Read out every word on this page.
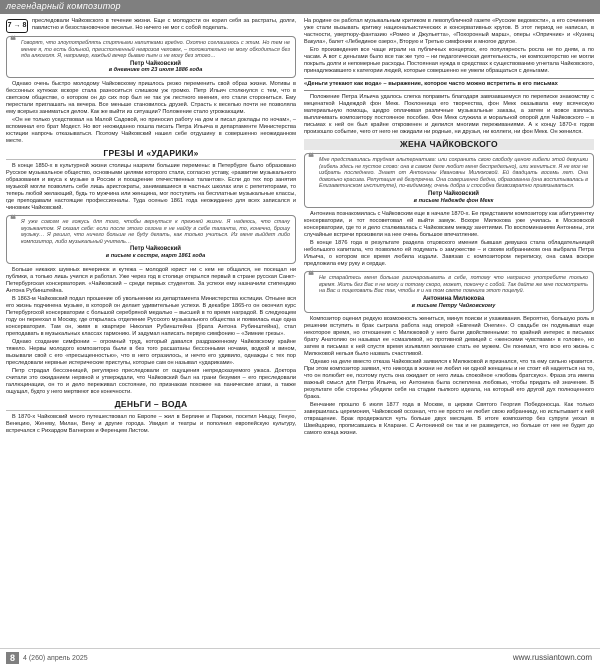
легендарный композитор
7 → 8

преследовали Чайковского в течение жизни. Еще с молодости он корил себя за растраты, долги, павлистно и безостановочное веселье. Но ничего не мог с собой поделать.

❝ Говорят, что злоупотреблять спиртными напитками вредно. Охотно соглашаюсь с этим. Но тем не менее я, то есть больной, преисполненный неврозов человек, – положительно не могу обходиться без яда алкоголя. Я, например, каждый вечер бываю пьян и не могу без этого…
Петр Чайковский
в дневнике от 23 июля 1886 года

Однако очень быстро молодому Чайковскому пришлось резко переменить свой образ жизни. Мотивы в бессонных кутежах вскоре стала разноситься слишком уж громко. Петр Ильич столкнулся с тем, что в светском обществе, о котором он до сих пор был не так уж лестного мнения, его стали сторониться. Ему перестали приглашать на вечера. Все меньше становилось друзей. Страсть к веселью почти не позволяла ему всерьез заниматься делом. Как же выйти из ситуации? Положение стало угрожающим.

«Он не только уседствовал на Малой Садовой, но приносил работу на дом и писал доклады по ночам», – вспоминал его брат Модест. Но вот неожиданно пошла писать Петра Ильича в департаменте Министерства юстиции напрочь отказываться. Поэтому Чайковский нашел себе отдушину в совершенно неожиданном месте.

ГРЕЗЫ И «УДАРИКИ»

В конце 1850-х в культурной жизни столицы назрели большие перемены: в Петербурге было образовано Русское музыкальное общество, основными целями которого стали, согласно уставу, «развитие музыкального образования и вкуса к музыке в России и поощрение отечественных талантов». Если до тех пор занятия музыкой могли позволить себе лишь аристократы, занимавшиеся в частных школах или с репетиторами, то теперь любой желающий, будь то мужчина или женщина, мог поступить на бесплатные музыкальные классы, где преподавали настоящие профессионалы. Туда осенью 1861 года неожиданно для всех записался и чиновник Чайковский.

❝ Я уже совсем не гожусь для того, чтобы вернуться к прежней жизни. Я надеюсь, что стану музыкантом. Я сказал себе: если после этого сезона я не найду в себе таланта, то, конечно, брошу музыку… Я решил, что ничего больше не буду делать, как только учиться. Из меня выйдет либо композитор, либо музыкальный учитель…
Петр Чайковский
в письме к сестре, март 1861 года

Больше никаких шумных вечеринок и кутежа – молодой юрист ни с кем не общался, не посещал ни публики, а только лишь учился и работал. Уже через год в столице открылся первый в стране русская Санкт-Петербургская консерватория. «Чайковский – среди первых студентов. За успехи ему назначили стипендию Антона Рубинштейна.

В 1863-м Чайковский подал прошение об увольнении из департамента Министерства юстиции. Отныне вся его жизнь подчинена музыке, в которой он делает удивительные успехи. В декабре 1865-го он окончил курс Петербургской консерватории с большой серебряной медалью – высшей в то время наградой. В следующем году он переехал в Москву, где открылась отделение Русского музыкального общества и появилась еще одна консерватория. Там он, живя в квартире Николая Рубинштейна (брата Антона Рубинштейна), стал преподавать в музыкальных классах гармонию. И задумал написать первую симфонию – «Зимние грезы».

Однако создание симфонии – огромный труд, который давался раздраженному Чайковскому крайне тяжело. Нервы молодого композитора были в без того расшатаны бессонными ночами, водкой и вином, вызывали свой с его «пресыщенностью», что в него отразилось, и нечто его удивило, однажды с тех пор преследовали нервные истерические приступы, которые сам он называл «удариками».

Петр страдал бессонницей, регулярно преследовали от ощущения непредсказуемого ужаса. Доктора считали это ожиданием нервной и утверждали, что Чайковский был на грани безумия – его преследовали галлюцинации, он то и дело переживал состояние, по признакам похожее на панические атаки, а также ощущал, будто у него мертвеют все конечности.

ДЕНЬГИ – ВОДА

В 1870-х Чайковский много путешествовал по Европе – жил в Берлине и Париже, посетил Ниццу, Геную, Венецию, Женеву, Милан, Вену и другие города. Увидел и театры и пополнил европейскую культуру, встречался с Рихардом Вагнером и Ференцем Листом.

На родине он работал музыкальным критиком в левопубличной газете «Русские ведомости», а его сочинения уже стали вызывать критику национальистических и консервативных кругов. В этот период не написал, в частности, увертюру-фантазию «Ромео и Джульетта», «Похоронный марш», оперы «Опричник» и «Кузнец Вакула», балет «Лебединое озеро», Вторую и Третью симфонии и многое другое.

Его произведения все чаще играли на публичных концертах, его популярность росла не по дням, а по часам. А вот с деньгами было все так же туго – ни педагогическая деятельность, ни композиторство не могли покрыть долги и непомерные расходы. Постоянная нужда в средствах к существованию угнетала Чайковского, принадлежавшего к категории людей, которые совершенно не умели обращаться с деньгами.

«Деньги утекают как вода» – выражение, которое часто можно встретить в его письмах

Положение Петра Ильича удалось слегка поправить благодаря завязавшемуся по переписке знакомству с меценаткой Надеждой фон Мекк. Поклонница его творчества, фон Мекк оказывала ему всяческую материальную помощь, щедро оплачивая различные музыкальные заказы, а затем и вовсе взялась выплачивать композитору постоянное пособие. Фон Мекк служила и моральной опорой для Чайковского – в письмах к ней он был крайне откровенен и делился многими переживаниями. А к концу 1870-х годов произошло событие, чего от него не ожидали ни родные, ни друзья, ни коллеги, ни фон Мекк. Он женился.

ЖЕНА ЧАЙКОВСКОГО
❝ Мне представилась трудная альтернатива: или сохранить свою свободу ценою гибели этой девушки (гибель здесь не пустое слово: она в самом деле любит меня беспредельно), или жениться. Я не мог не избрать последнего. Знает от Антонины Ивановны Милюковой. Ей двадцать восемь лет. Она довольно красива. Репутация её безупречна. Она совершенно бедна, образованна (она воспитывалась в Елизаветинском институте), по-видимому, очень добра и способна безвозвратно привязываться.
Петр Чайковский
в письме Надежде фон Мекк

Антонина познакомилась с Чайковским еще в начале 1870-х. Ее представили композитору как абитуриентку консерватории, и тот посоветовал ей выйти замуж. Вскоре Милюкова уже училась в Московской консерватории, где то и дело сталкивалась с Чайковским между занятиями. По воспоминаниям Антонины, эти случайные встречи произвели на нее очень большое впечатление.

В конце 1876 года в результате раздела отцовского имения бывшая девушка стала обладательницей небольшого капитала, что позволило ей подумать о замужестве – и своим избранником она выбрала Петра Ильича, о котором все время любила издали. Завязав с композитором переписку, она сама вскоре предложила ему руку и сердце.

❝ Не старайтесь меня больше разочаровывать в себе, потому что напрасно употребите только время. Жить без Вас я не могу и потому скоро, может, покончу с собой. Так дайте же мне посмотреть на Вас и поцеловать Вас так, чтобы я и на том свете помнила этот поцелуй.
Антонина Милюкова
в письме Петру Чайковскому

Композитор оценил редкую возможность жениться, минуя поиски и ухаживания. Вероятно, большую роль в решении вступить в брак сыграла работа над оперой «Евгений Онегин». О свадьбе он подумывал еще некоторое время, но отношения с Милюковой у него были двойственными: то крайний интерес в письмах брату Анатолию он называл ее «смазливой, но противной девицей с «женскими чувствами» в голове», но затем в письмах к ней спустя время изъявлял желание стать ее мужем. Он понимал, что всю его жизнь с Милюковой нельзя было назвать счастливой.

Однако на деле вместо отказа Чайковский заявился к Милюковой и признался, что та ему сильно нравится. При этом композитор заявил, что никогда в жизни не любил ни одной женщины и не стоит ей надеяться на то, что он полюбит ее, поэтому пусть она ожидает от него лишь спокойное «любовь братскую». Фраза эта имела важный смысл для Петра Ильича, но Антонина была ослеплена любовью, чтобы придать ей значение. В результате обе стороны убедили себя на стадии пылкого идеала, на который его другой дух полноценного брака.

Венчание прошло 6 июля 1877 года в Москве, в церкви Святого Георгия Победоносца. Как только завершилась церемония, Чайковский осознал, что не просто не любит свою избранницу, но испытывает к ней отвращение. Брак продержался чуть больше двух месяцев. В итоге композитор без супруги уехал в Швейцарию, прописавшись в Кларане. С Антониной он так и не разведется, но больше от нее не будет до самого конца жизни.

8	4 (260) апрель 2025	www.russiantown.com
